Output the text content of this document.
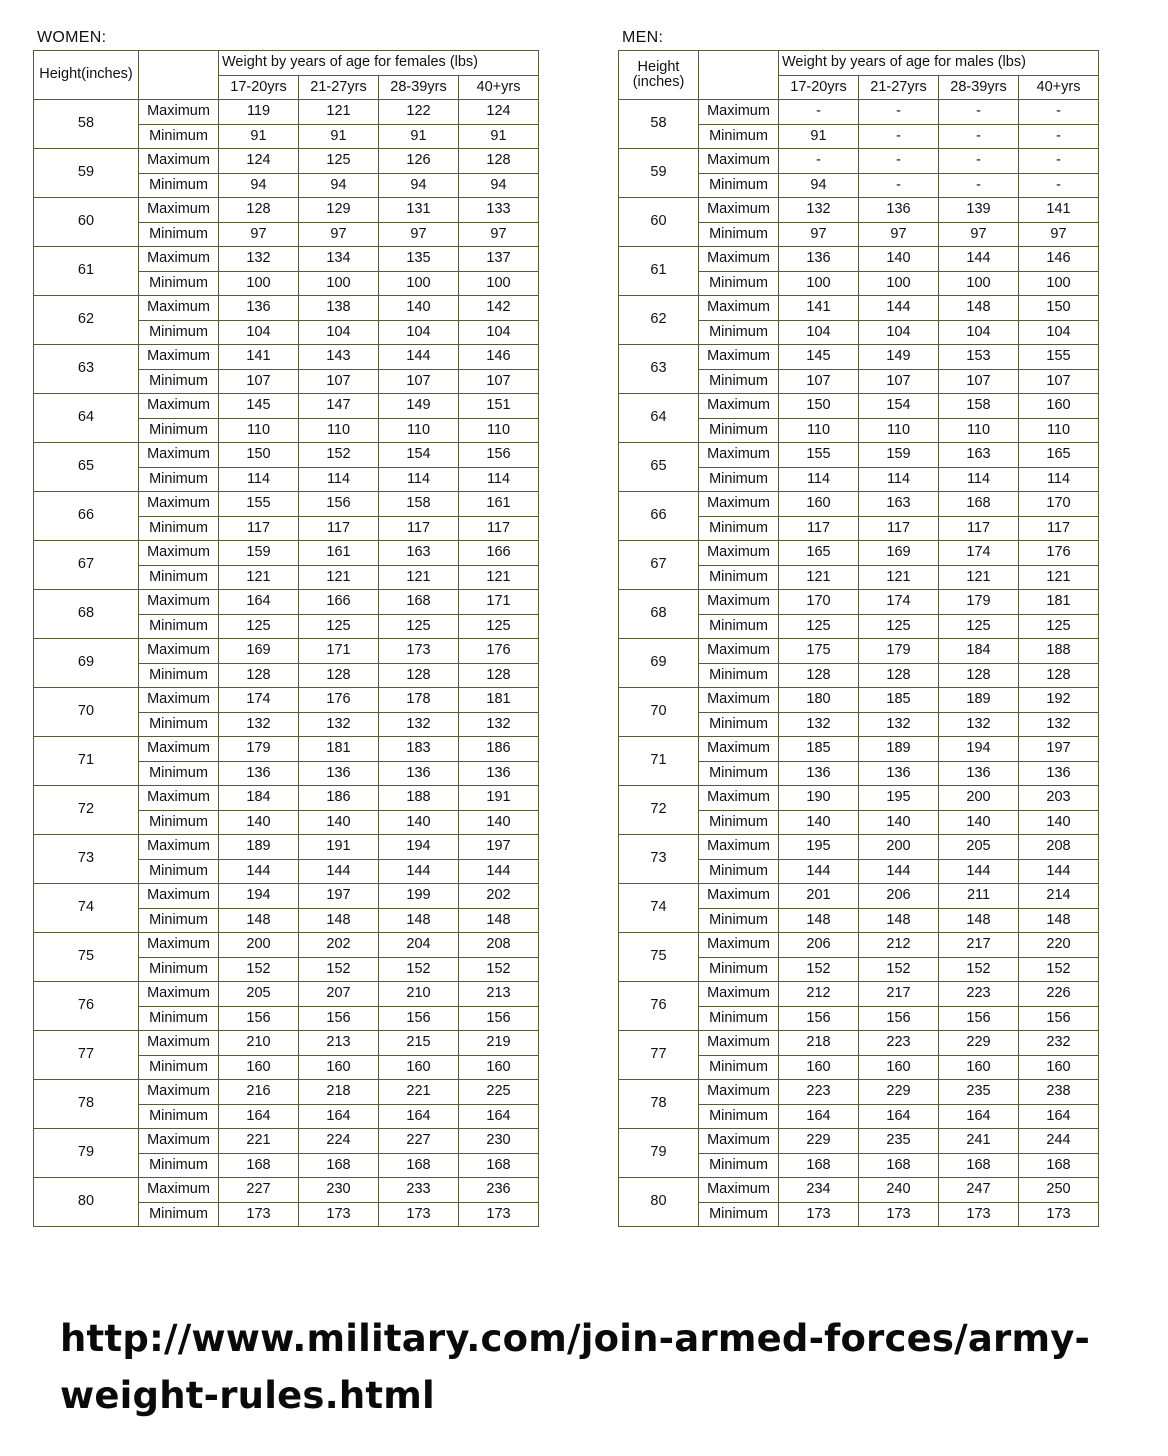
WOMEN:	MEN:
Height(inches)		Weight by years of age for females (lbs)			
		17-20yrs	21-27yrs	28-39yrs	40+yrs
58	Maximum	119	121	122	124
	Minimum	91	91	91	91
59	Maximum	124	125	126	128
	Minimum	94	94	94	94
60	Maximum	128	129	131	133
	Minimum	97	97	97	97
61	Maximum	132	134	135	137
	Minimum	100	100	100	100
62	Maximum	136	138	140	142
	Minimum	104	104	104	104
63	Maximum	141	143	144	146
	Minimum	107	107	107	107
64	Maximum	145	147	149	151
	Minimum	110	110	110	110
65	Maximum	150	152	154	156
	Minimum	114	114	114	114
66	Maximum	155	156	158	161
	Minimum	117	117	117	117
67	Maximum	159	161	163	166
	Minimum	121	121	121	121
68	Maximum	164	166	168	171
	Minimum	125	125	125	125
69	Maximum	169	171	173	176
	Minimum	128	128	128	128
70	Maximum	174	176	178	181
	Minimum	132	132	132	132
71	Maximum	179	181	183	186
	Minimum	136	136	136	136
72	Maximum	184	186	188	191
	Minimum	140	140	140	140
73	Maximum	189	191	194	197
	Minimum	144	144	144	144
74	Maximum	194	197	199	202
	Minimum	148	148	148	148
75	Maximum	200	202	204	208
	Minimum	152	152	152	152
76	Maximum	205	207	210	213
	Minimum	156	156	156	156
77	Maximum	210	213	215	219
	Minimum	160	160	160	160
78	Maximum	216	218	221	225
	Minimum	164	164	164	164
79	Maximum	221	224	227	230
	Minimum	168	168	168	168
80	Maximum	227	230	233	236
	Minimum	173	173	173	173
Height
(inches)		Weight by years of age for males (lbs)			
		17-20yrs	21-27yrs	28-39yrs	40+yrs
58	Maximum	-	-	-	-
	Minimum	91	-	-	-
59	Maximum	-	-	-	-
	Minimum	94	-	-	-
60	Maximum	132	136	139	141
	Minimum	97	97	97	97
61	Maximum	136	140	144	146
	Minimum	100	100	100	100
62	Maximum	141	144	148	150
	Minimum	104	104	104	104
63	Maximum	145	149	153	155
	Minimum	107	107	107	107
64	Maximum	150	154	158	160
	Minimum	110	110	110	110
65	Maximum	155	159	163	165
	Minimum	114	114	114	114
66	Maximum	160	163	168	170
	Minimum	117	117	117	117
67	Maximum	165	169	174	176
	Minimum	121	121	121	121
68	Maximum	170	174	179	181
	Minimum	125	125	125	125
69	Maximum	175	179	184	188
	Minimum	128	128	128	128
70	Maximum	180	185	189	192
	Minimum	132	132	132	132
71	Maximum	185	189	194	197
	Minimum	136	136	136	136
72	Maximum	190	195	200	203
	Minimum	140	140	140	140
73	Maximum	195	200	205	208
	Minimum	144	144	144	144
74	Maximum	201	206	211	214
	Minimum	148	148	148	148
75	Maximum	206	212	217	220
	Minimum	152	152	152	152
76	Maximum	212	217	223	226
	Minimum	156	156	156	156
77	Maximum	218	223	229	232
	Minimum	160	160	160	160
78	Maximum	223	229	235	238
	Minimum	164	164	164	164
79	Maximum	229	235	241	244
	Minimum	168	168	168	168
80	Maximum	234	240	247	250
	Minimum	173	173	173	173
http://www.military.com/join-armed-forces/army-
weight-rules.html
